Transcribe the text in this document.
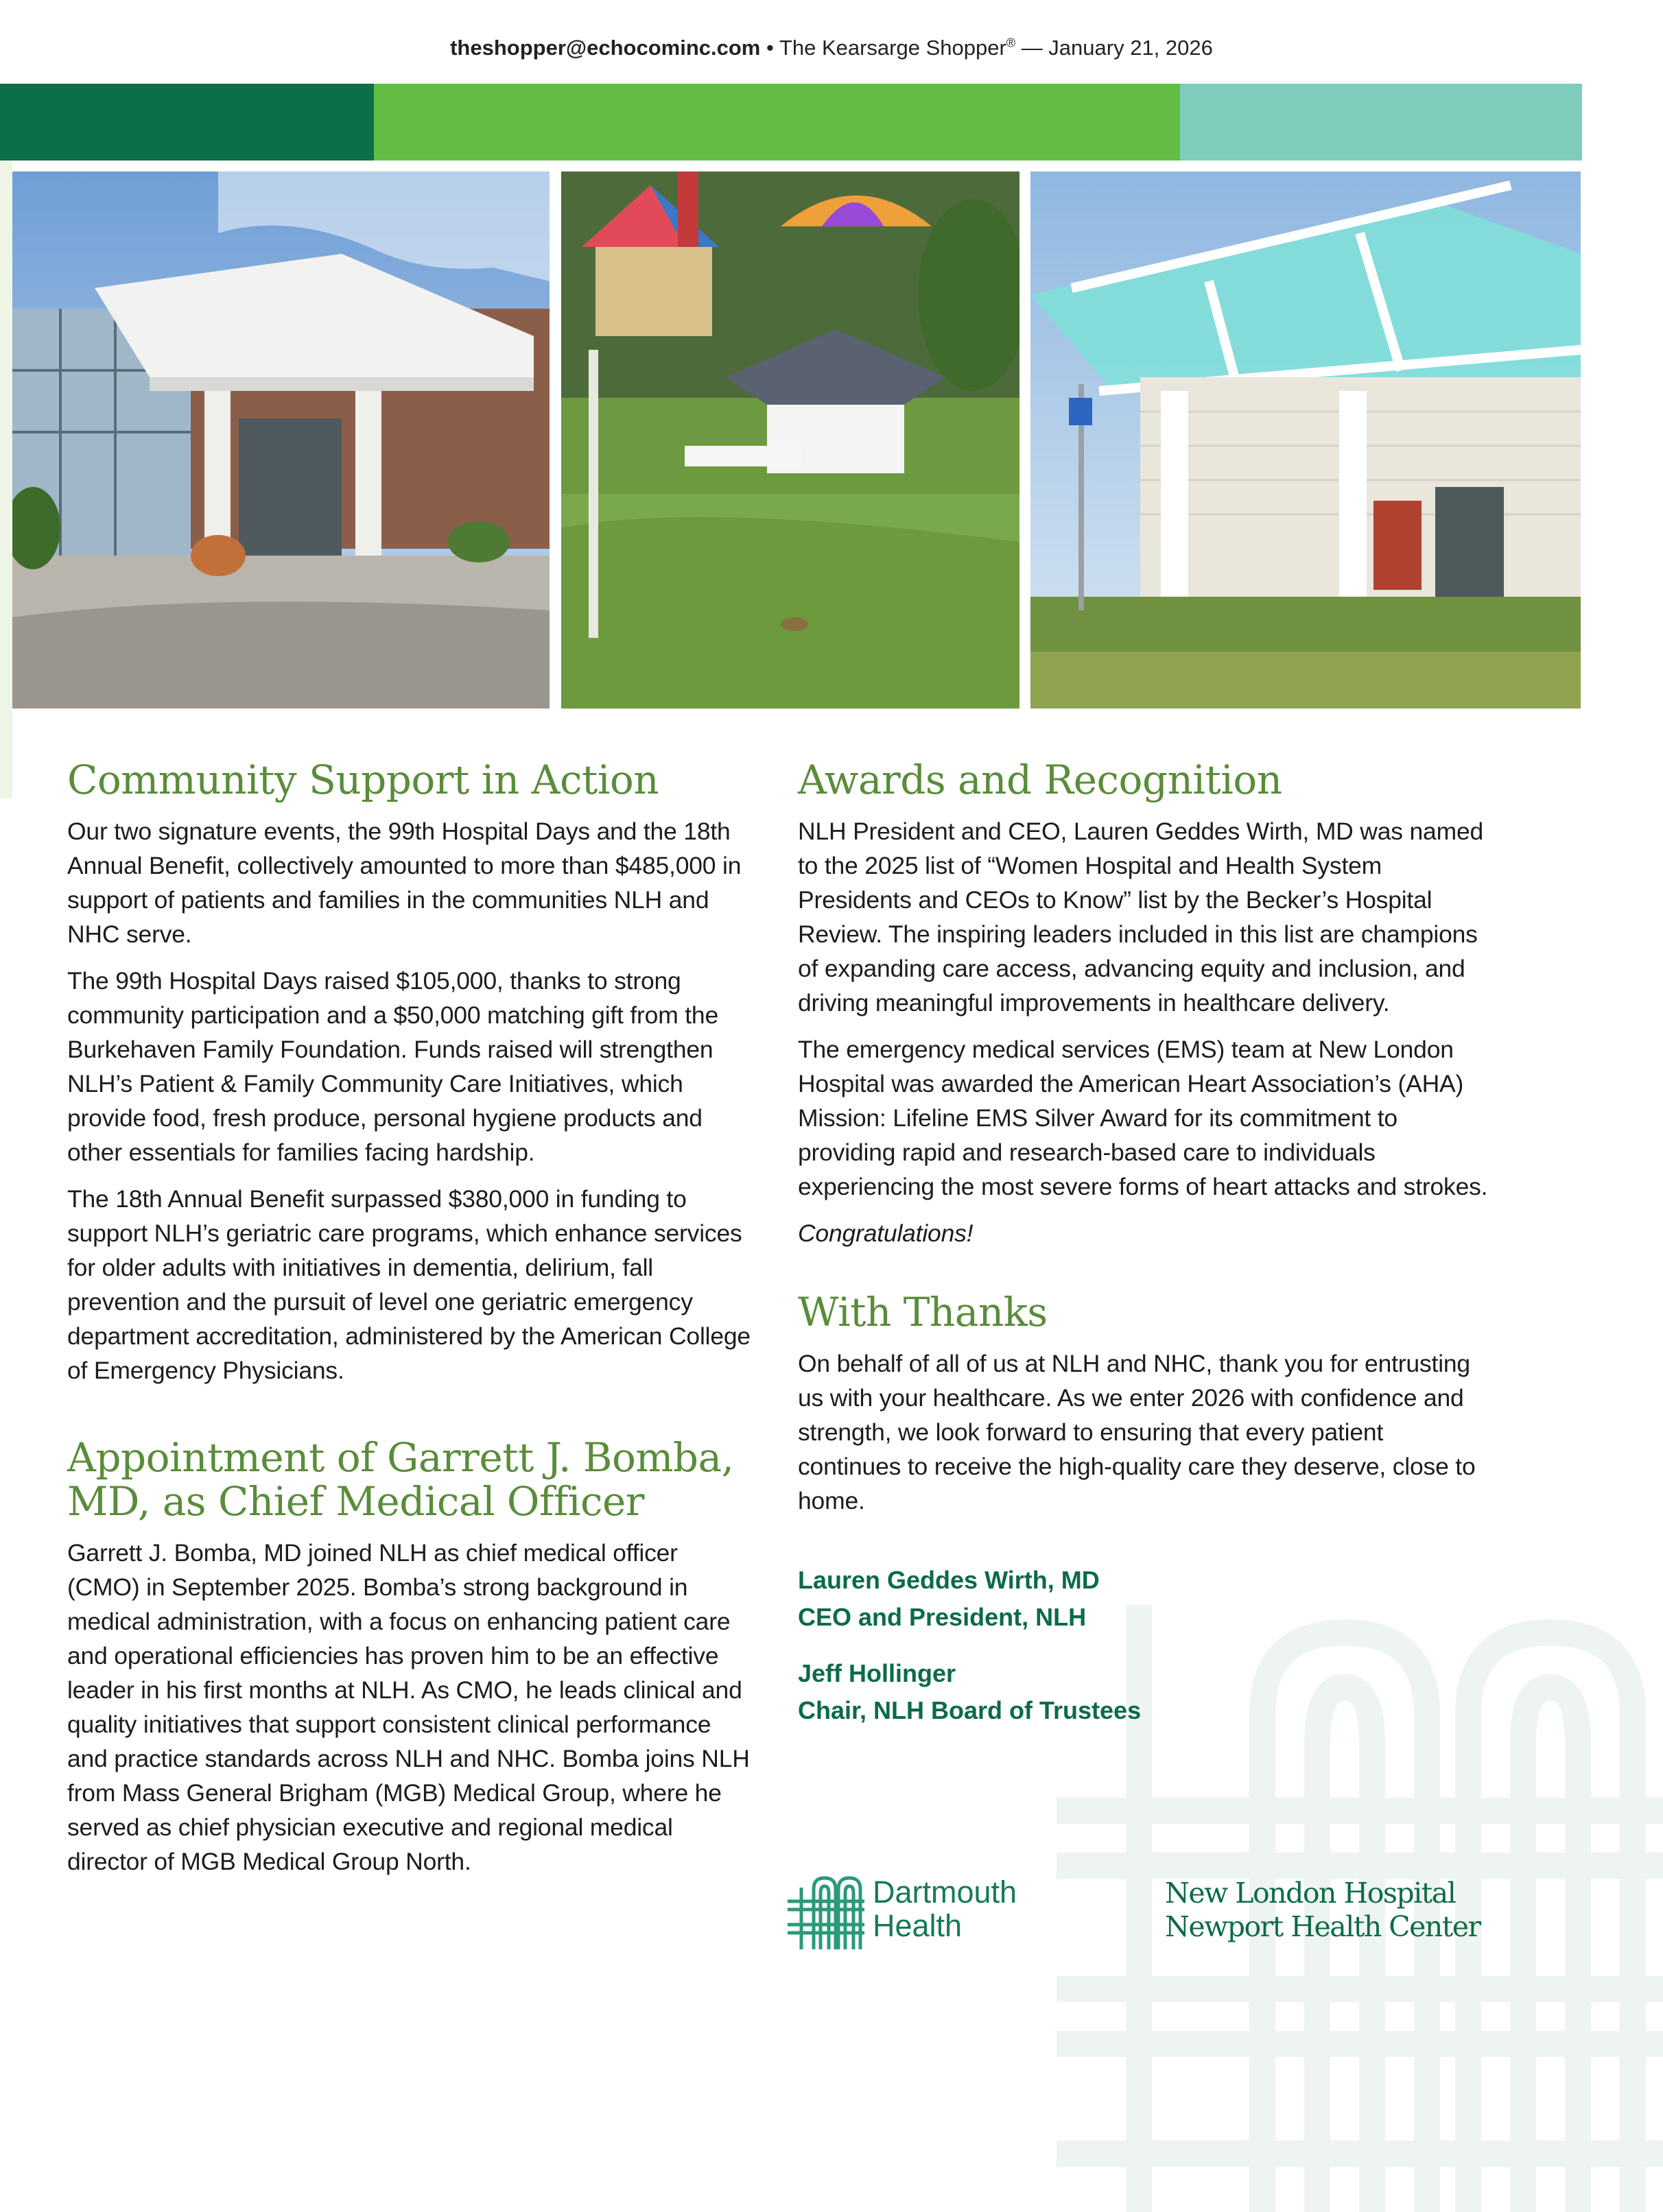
theshopper@echocominc.com • The Kearsarge Shopper® — January 21, 2026
Community Support in Action

Our two signature events, the 99th Hospital Days and the 18th Annual Benefit, collectively amounted to more than $485,000 in support of patients and families in the communities NLH and NHC serve.

The 99th Hospital Days raised $105,000, thanks to strong community participation and a $50,000 matching gift from the Burkehaven Family Foundation. Funds raised will strengthen NLH’s Patient & Family Community Care Initiatives, which provide food, fresh produce, personal hygiene products and other essentials for families facing hardship.

The 18th Annual Benefit surpassed $380,000 in funding to support NLH’s geriatric care programs, which enhance services for older adults with initiatives in dementia, delirium, fall prevention and the pursuit of level one geriatric emergency department accreditation, administered by the American College of Emergency Physicians.

Appointment of Garrett J. Bomba, MD, as Chief Medical Officer

Garrett J. Bomba, MD joined NLH as chief medical officer (CMO) in September 2025. Bomba’s strong background in medical administration, with a focus on enhancing patient care and operational efficiencies has proven him to be an effective leader in his first months at NLH. As CMO, he leads clinical and quality initiatives that support consistent clinical performance and practice standards across NLH and NHC. Bomba joins NLH from Mass General Brigham (MGB) Medical Group, where he served as chief physician executive and regional medical director of MGB Medical Group North.

Awards and Recognition

NLH President and CEO, Lauren Geddes Wirth, MD was named to the 2025 list of “Women Hospital and Health System Presidents and CEOs to Know” list by the Becker’s Hospital Review. The inspiring leaders included in this list are champions of expanding care access, advancing equity and inclusion, and driving meaningful improvements in healthcare delivery.

The emergency medical services (EMS) team at New London Hospital was awarded the American Heart Association’s (AHA) Mission: Lifeline EMS Silver Award for its commitment to providing rapid and research-based care to individuals experiencing the most severe forms of heart attacks and strokes.

Congratulations!

With Thanks

On behalf of all of us at NLH and NHC, thank you for entrusting us with your healthcare. As we enter 2026 with confidence and strength, we look forward to ensuring that every patient continues to receive the high-quality care they deserve, close to home.

Lauren Geddes Wirth, MD
CEO and President, NLH
Jeff Hollinger
Chair, NLH Board of Trustees
Dartmouth
Health
New London Hospital
Newport Health Center
